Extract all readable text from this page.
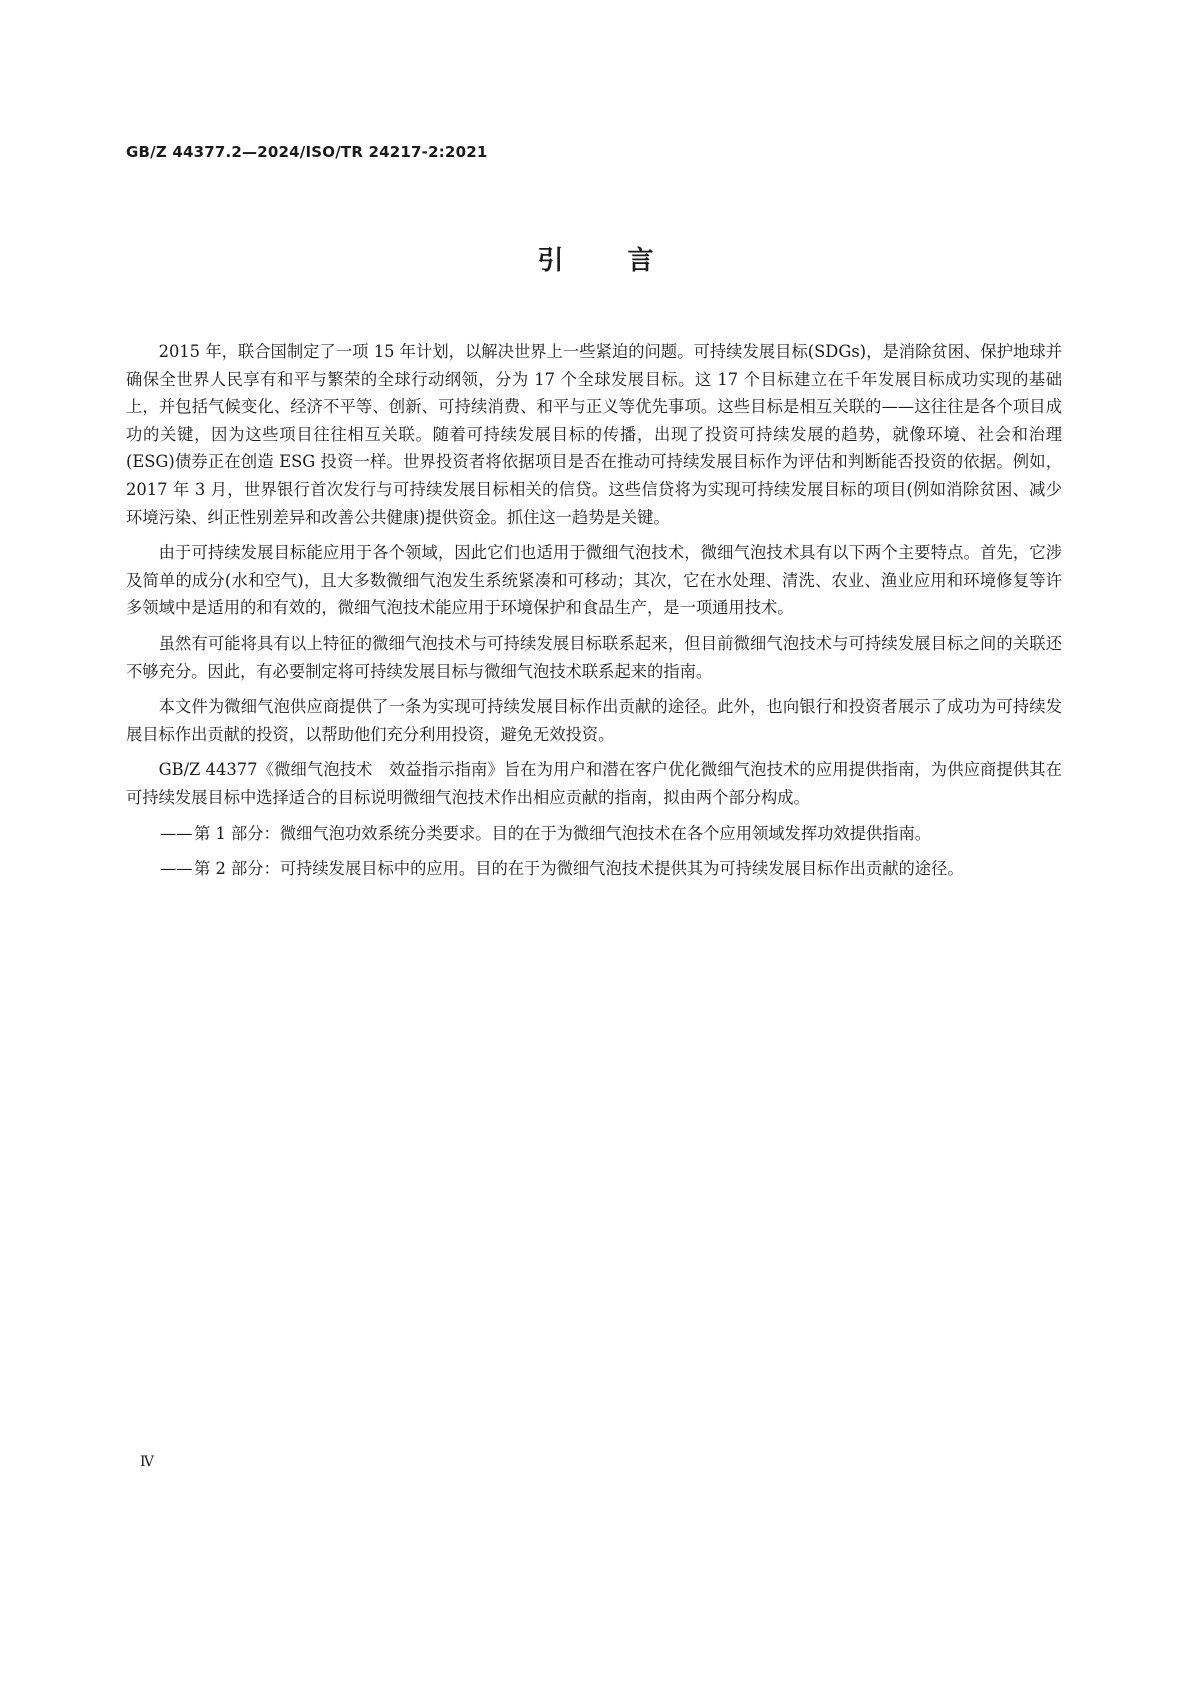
GB/Z 44377.2—2024/ISO/TR 24217-2:2021
引言

2015 年，联合国制定了一项 15 年计划，以解决世界上一些紧迫的问题。可持续发展目标(SDGs)，是消除贫困、保护地球并确保全世界人民享有和平与繁荣的全球行动纲领，分为 17 个全球发展目标。这 17 个目标建立在千年发展目标成功实现的基础上，并包括气候变化、经济不平等、创新、可持续消费、和平与正义等优先事项。这些目标是相互关联的——这往往是各个项目成功的关键，因为这些项目往往相互关联。随着可持续发展目标的传播，出现了投资可持续发展的趋势，就像环境、社会和治理(ESG)债券正在创造 ESG 投资一样。世界投资者将依据项目是否在推动可持续发展目标作为评估和判断能否投资的依据。例如，2017 年 3 月，世界银行首次发行与可持续发展目标相关的信贷。这些信贷将为实现可持续发展目标的项目(例如消除贫困、减少环境污染、纠正性别差异和改善公共健康)提供资金。抓住这一趋势是关键。

由于可持续发展目标能应用于各个领域，因此它们也适用于微细气泡技术，微细气泡技术具有以下两个主要特点。首先，它涉及简单的成分(水和空气)，且大多数微细气泡发生系统紧凑和可移动；其次，它在水处理、清洗、农业、渔业应用和环境修复等许多领域中是适用的和有效的，微细气泡技术能应用于环境保护和食品生产，是一项通用技术。

虽然有可能将具有以上特征的微细气泡技术与可持续发展目标联系起来，但目前微细气泡技术与可持续发展目标之间的关联还不够充分。因此，有必要制定将可持续发展目标与微细气泡技术联系起来的指南。

本文件为微细气泡供应商提供了一条为实现可持续发展目标作出贡献的途径。此外，也向银行和投资者展示了成功为可持续发展目标作出贡献的投资，以帮助他们充分利用投资，避免无效投资。

GB/Z 44377《微细气泡技术　效益指示指南》旨在为用户和潜在客户优化微细气泡技术的应用提供指南，为供应商提供其在可持续发展目标中选择适合的目标说明微细气泡技术作出相应贡献的指南，拟由两个部分构成。

——第 1 部分：微细气泡功效系统分类要求。目的在于为微细气泡技术在各个应用领域发挥功效提供指南。
——第 2 部分：可持续发展目标中的应用。目的在于为微细气泡技术提供其为可持续发展目标作出贡献的途径。
Ⅳ
